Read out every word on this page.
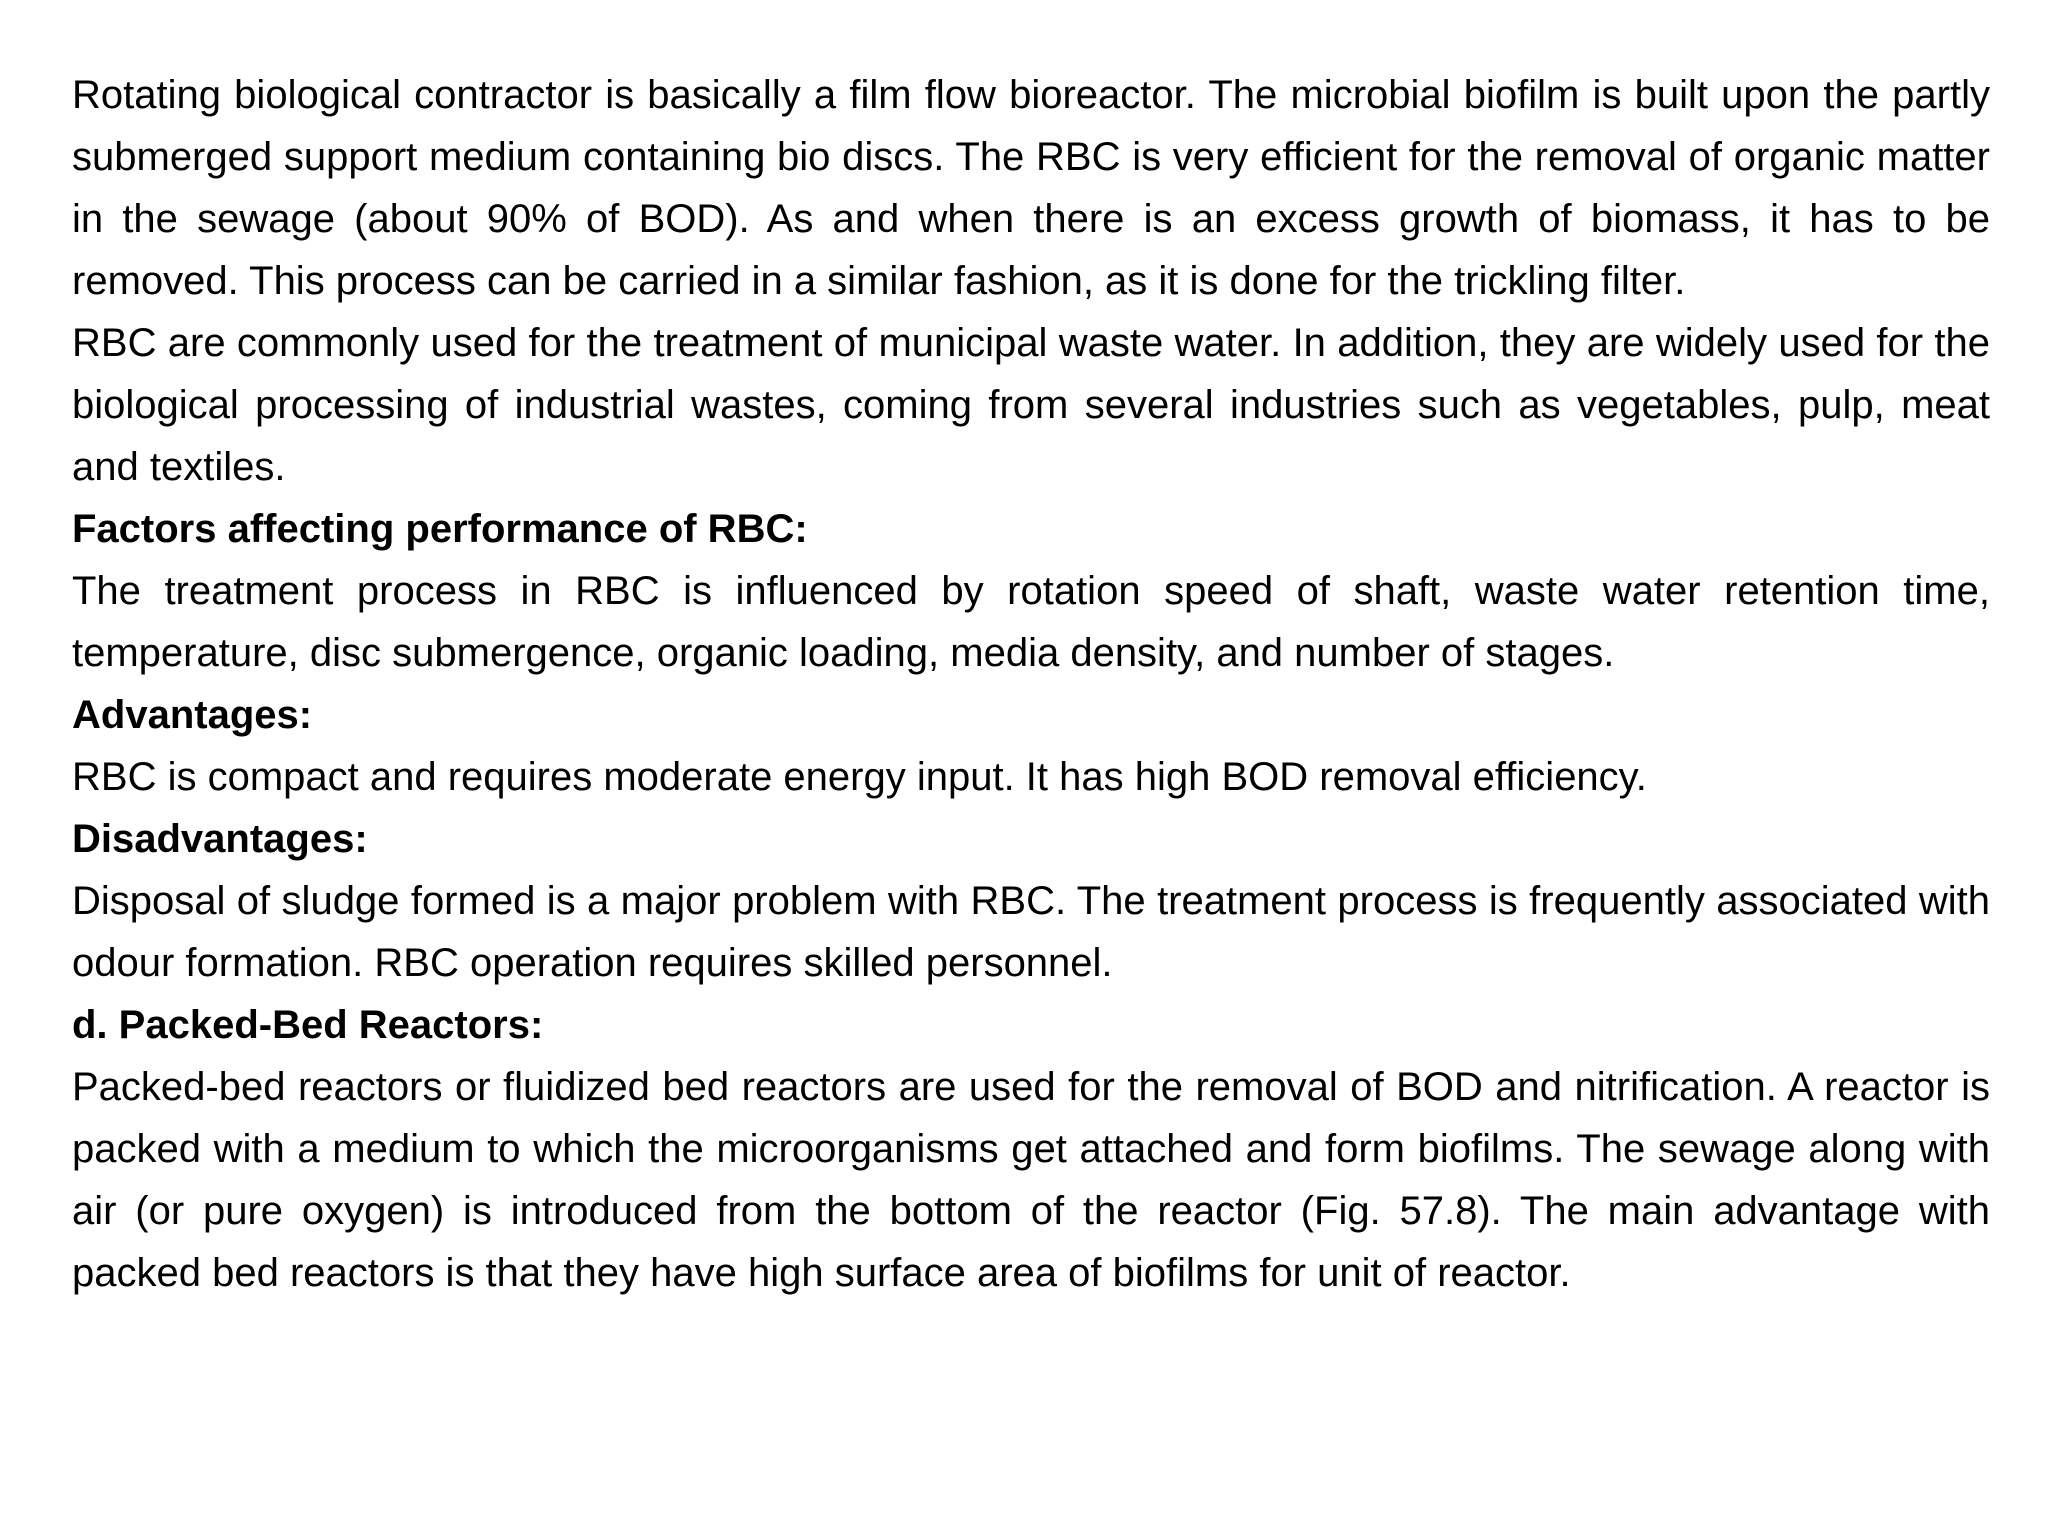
Rotating biological contractor is basically a film flow bioreactor. The microbial biofilm is built upon the partly submerged support medium containing bio discs. The RBC is very efficient for the removal of organic matter in the sewage (about 90% of BOD). As and when there is an excess growth of biomass, it has to be removed. This process can be carried in a similar fashion, as it is done for the trickling filter.

RBC are commonly used for the treatment of municipal waste water. In addition, they are widely used for the biological processing of industrial wastes, coming from several industries such as vegetables, pulp, meat and textiles.

Factors affecting performance of RBC:

The treatment process in RBC is influenced by rotation speed of shaft, waste water retention time, temperature, disc submergence, organic loading, media density, and number of stages.

Advantages:

RBC is compact and requires moderate energy input. It has high BOD removal efficiency.

Disadvantages:

Disposal of sludge formed is a major problem with RBC. The treatment process is frequently associated with odour formation. RBC operation requires skilled personnel.

d. Packed-Bed Reactors:

Packed-bed reactors or fluidized bed reactors are used for the removal of BOD and nitrification. A reactor is packed with a medium to which the microorganisms get attached and form biofilms. The sewage along with air (or pure oxygen) is introduced from the bottom of the reactor (Fig. 57.8). The main advantage with packed bed reactors is that they have high surface area of biofilms for unit of reactor.
